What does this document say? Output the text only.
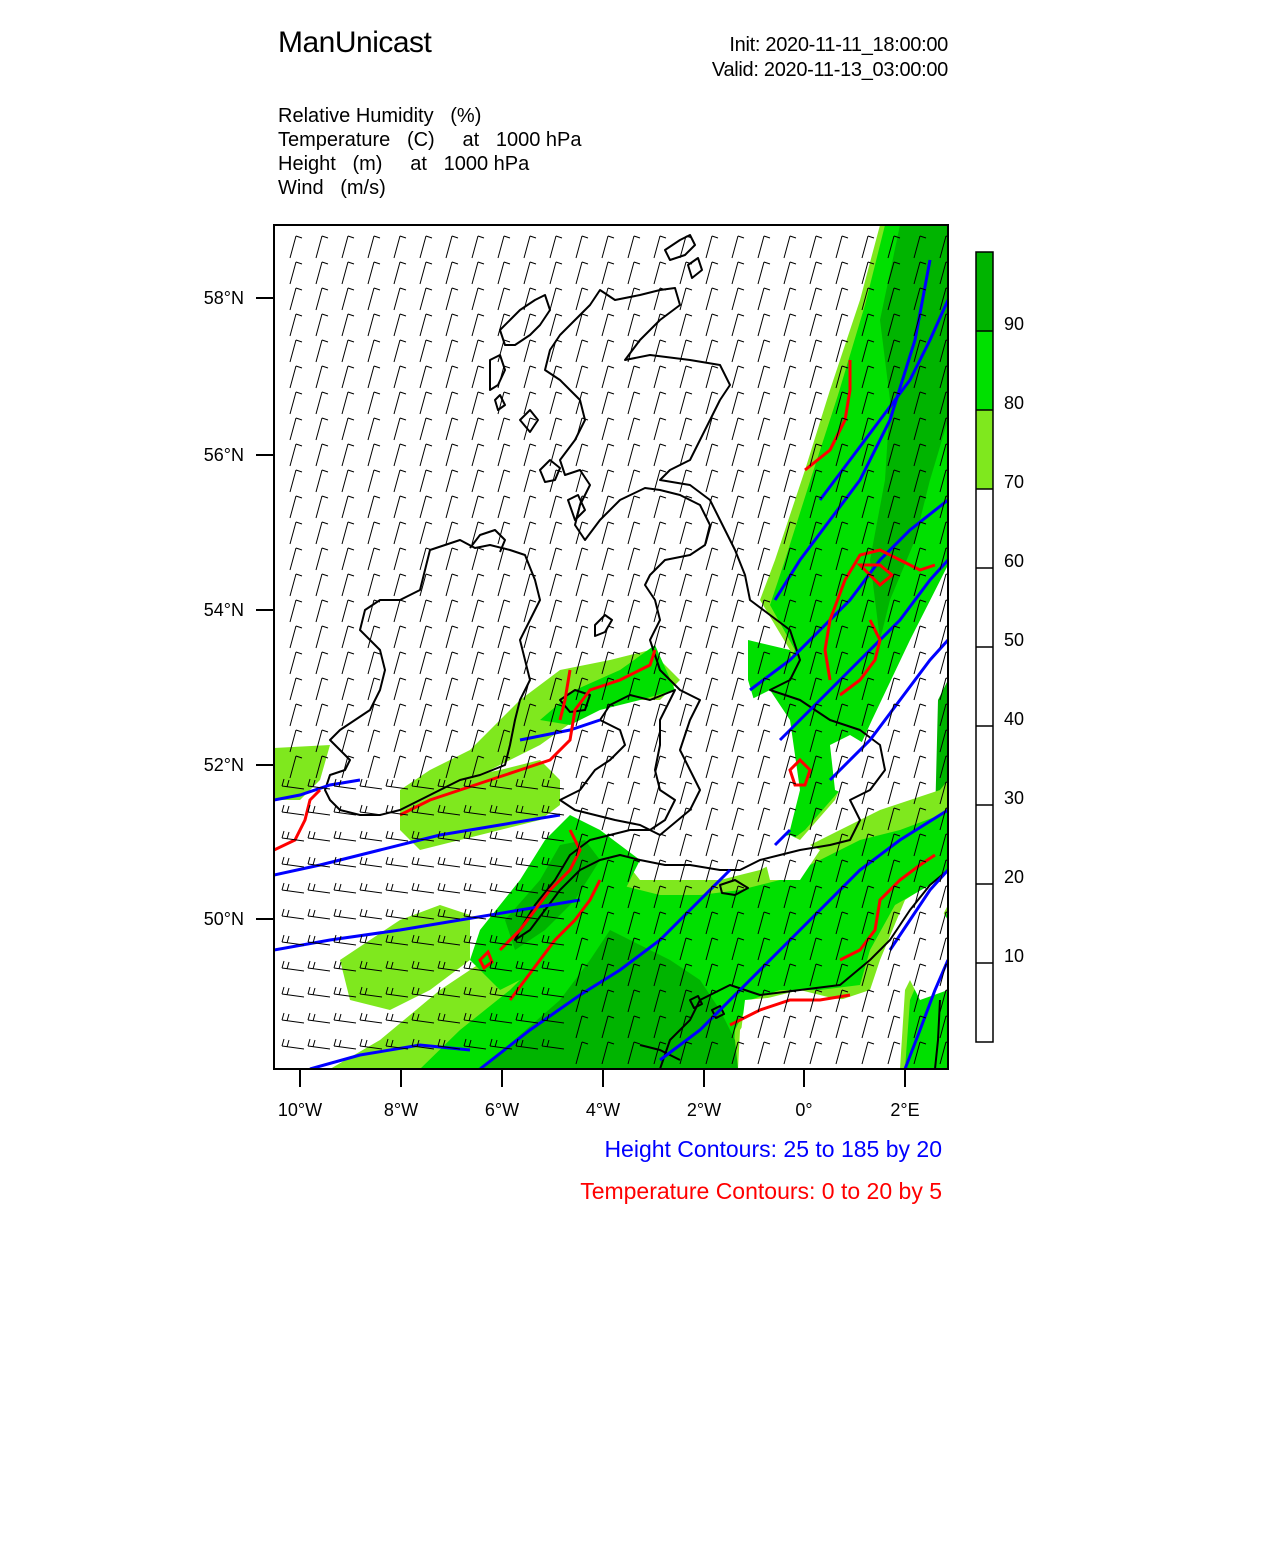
ManUnicast	Init: 2020-11-11_18:00:00
Valid: 2020-11-13_03:00:00
Relative Humidity   (%)
Temperature   (C)     at   1000 hPa
Height   (m)     at   1000 hPa
Wind   (m/s)
58°N
56°N
54°N
52°N
50°N
10°W	8°W	6°W	4°W	2°W	0°	2°E
90
80
70
60
50
40
30
20
10
Height Contours: 25 to 185 by 20
Temperature Contours: 0 to 20 by 5
